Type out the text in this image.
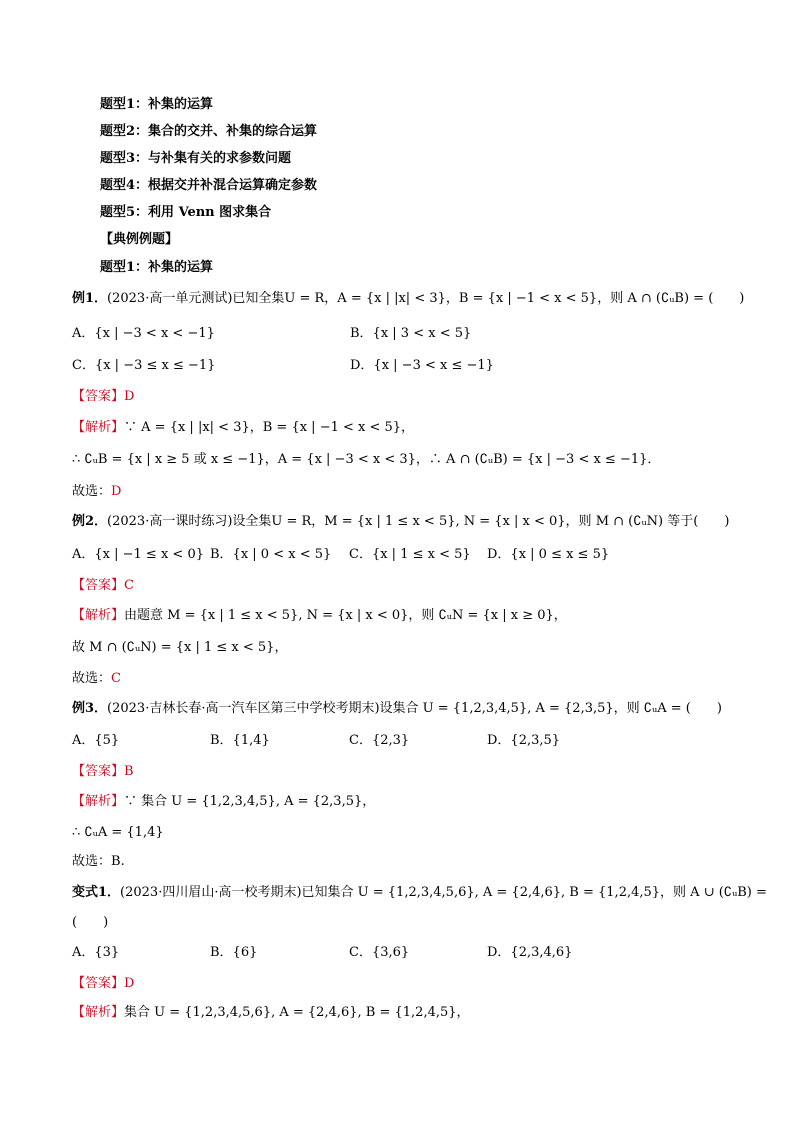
题型1：补集的运算
题型2：集合的交并、补集的综合运算
题型3：与补集有关的求参数问题
题型4：根据交并补混合运算确定参数
题型5：利用 Venn 图求集合
【典例例题】
题型1：补集的运算
例1．(2023·高一单元测试)已知全集U = R，A = {x | |x| < 3}，B = {x | −1 < x < 5}，则 A ∩ (∁ᵤB) = (　　)
A．{x | −3 < x < −1}	B．{x | 3 < x < 5}
C．{x | −3 ≤ x ≤ −1}	D．{x | −3 < x ≤ −1}
【答案】D
【解析】∵ A = {x | |x| < 3}，B = {x | −1 < x < 5}，
∴ ∁ᵤB = {x | x ≥ 5 或 x ≤ −1}，A = {x | −3 < x < 3}，∴ A ∩ (∁ᵤB) = {x | −3 < x ≤ −1}．
故选：D
例2．(2023·高一课时练习)设全集U = R，M = {x | 1 ≤ x < 5}, N = {x | x < 0}，则 M ∩ (∁ᵤN) 等于(　　)
A．{x | −1 ≤ x < 0} B．{x | 0 < x < 5} C．{x | 1 ≤ x < 5} D．{x | 0 ≤ x ≤ 5}
【答案】C
【解析】由题意 M = {x | 1 ≤ x < 5}, N = {x | x < 0}，则 ∁ᵤN = {x | x ≥ 0}，
故 M ∩ (∁ᵤN) = {x | 1 ≤ x < 5}，
故选：C
例3．(2023·吉林长春·高一汽车区第三中学校考期末)设集合 U = {1,2,3,4,5}, A = {2,3,5}，则 ∁ᵤA = (　　)
A．{5}	B．{1,4}	C．{2,3}	D．{2,3,5}
【答案】B
【解析】∵ 集合 U = {1,2,3,4,5}, A = {2,3,5}，
∴ ∁ᵤA = {1,4}
故选：B.
变式1．(2023·四川眉山·高一校考期末)已知集合 U = {1,2,3,4,5,6}, A = {2,4,6}, B = {1,2,4,5}，则 A ∪ (∁ᵤB) =
(　　)
A．{3}	B．{6}	C．{3,6}	D．{2,3,4,6}
【答案】D
【解析】集合 U = {1,2,3,4,5,6}, A = {2,4,6}, B = {1,2,4,5}，
